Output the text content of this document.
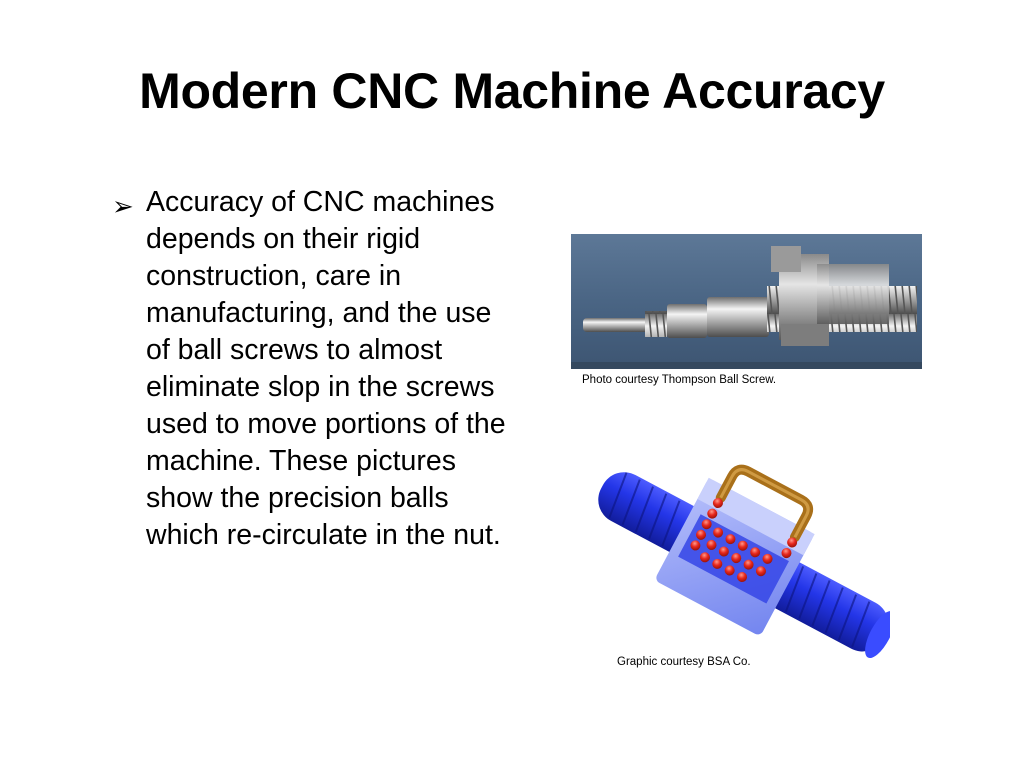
Modern CNC Machine Accuracy
➢ Accuracy of CNC machines depends on their rigid construction, care in manufacturing, and the use of ball screws to almost eliminate slop in the screws used to move portions of the machine. These pictures show the precision balls which re-circulate in the nut.
Photo courtesy Thompson Ball Screw.
Graphic courtesy BSA Co.
